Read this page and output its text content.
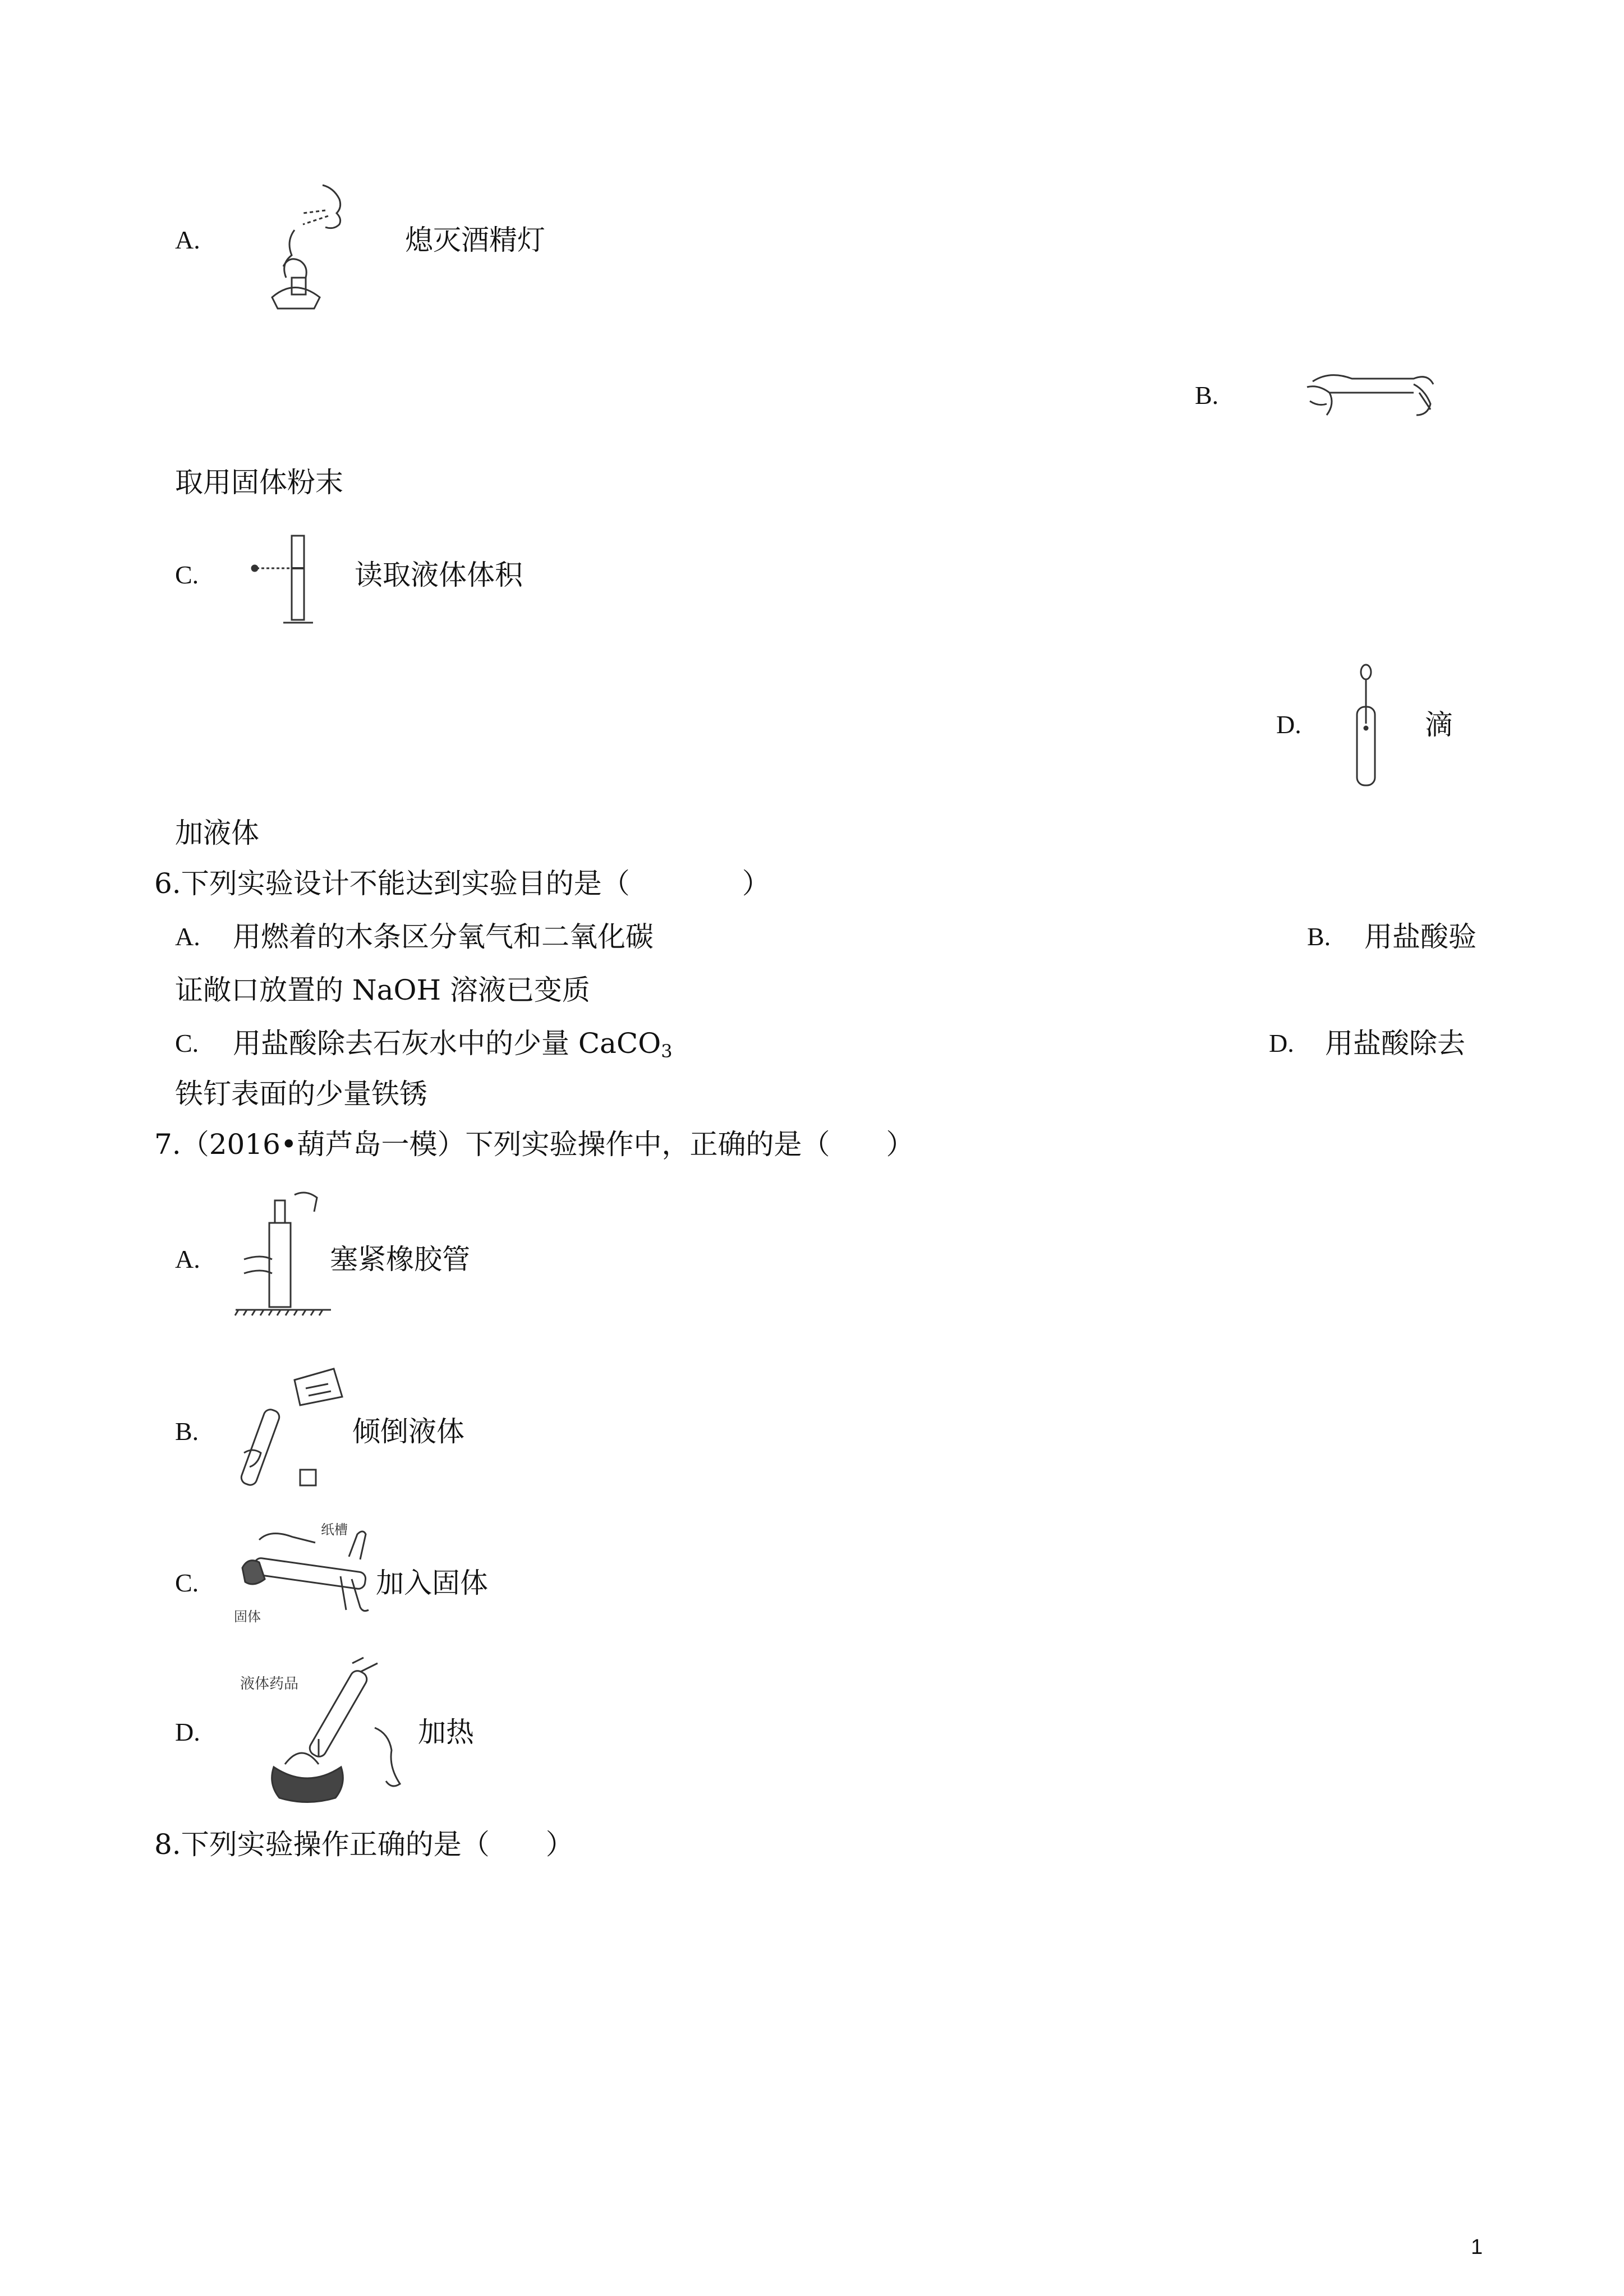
A.	熄灭酒精灯
B.
取用固体粉末
C.	读取液体体积
D.	滴
加液体
6.下列实验设计不能达到实验目的是（　　　　）
A. 用燃着的木条区分氧气和二氧化碳	B. 用盐酸验
证敞口放置的 NaOH 溶液已变质
C. 用盐酸除去石灰水中的少量 CaCO$_3$	D. 用盐酸除去
铁钉表面的少量铁锈
7.（2016•葫芦岛一模）下列实验操作中，正确的是（　　）
A.	塞紧橡胶管
B.	倾倒液体
C.
纸槽
固体
加入固体
D.
液体药品
加热
8.下列实验操作正确的是（　　）
1
